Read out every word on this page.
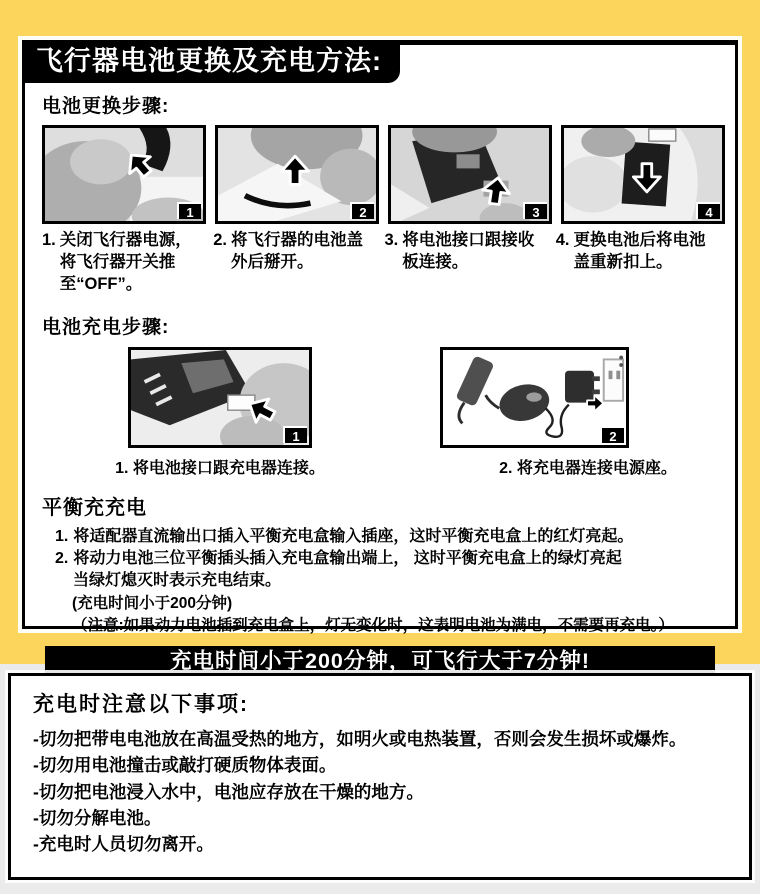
飞行器电池更换及充电方法:
电池更换步骤:
1	2	3	4
1. 关闭飞行器电源，将飞行器开关推至“OFF”。
2. 将飞行器的电池盖外后掰开。
3. 将电池接口跟接收板连接。
4. 更换电池后将电池盖重新扣上。
电池充电步骤:
1	2
1. 将电池接口跟充电器连接。	2. 将充电器连接电源座。
平衡充充电
1. 将适配器直流输出口插入平衡充电盒输入插座，这时平衡充电盒上的红灯亮起。
2. 将动力电池三位平衡插头插入充电盒输出端上， 这时平衡充电盒上的绿灯亮起
当绿灯熄灭时表示充电结束。
(充电时间小于200分钟)
（注意:如果动力电池插到充电盒上，灯无变化时，这表明电池为满电，不需要再充电。）
充电时间小于200分钟，可飞行大于7分钟!
充电时注意以下事项:
-切勿把带电电池放在高温受热的地方，如明火或电热装置，否则会发生损坏或爆炸。
-切勿用电池撞击或敲打硬质物体表面。
-切勿把电池浸入水中，电池应存放在干燥的地方。
-切勿分解电池。
-充电时人员切勿离开。
